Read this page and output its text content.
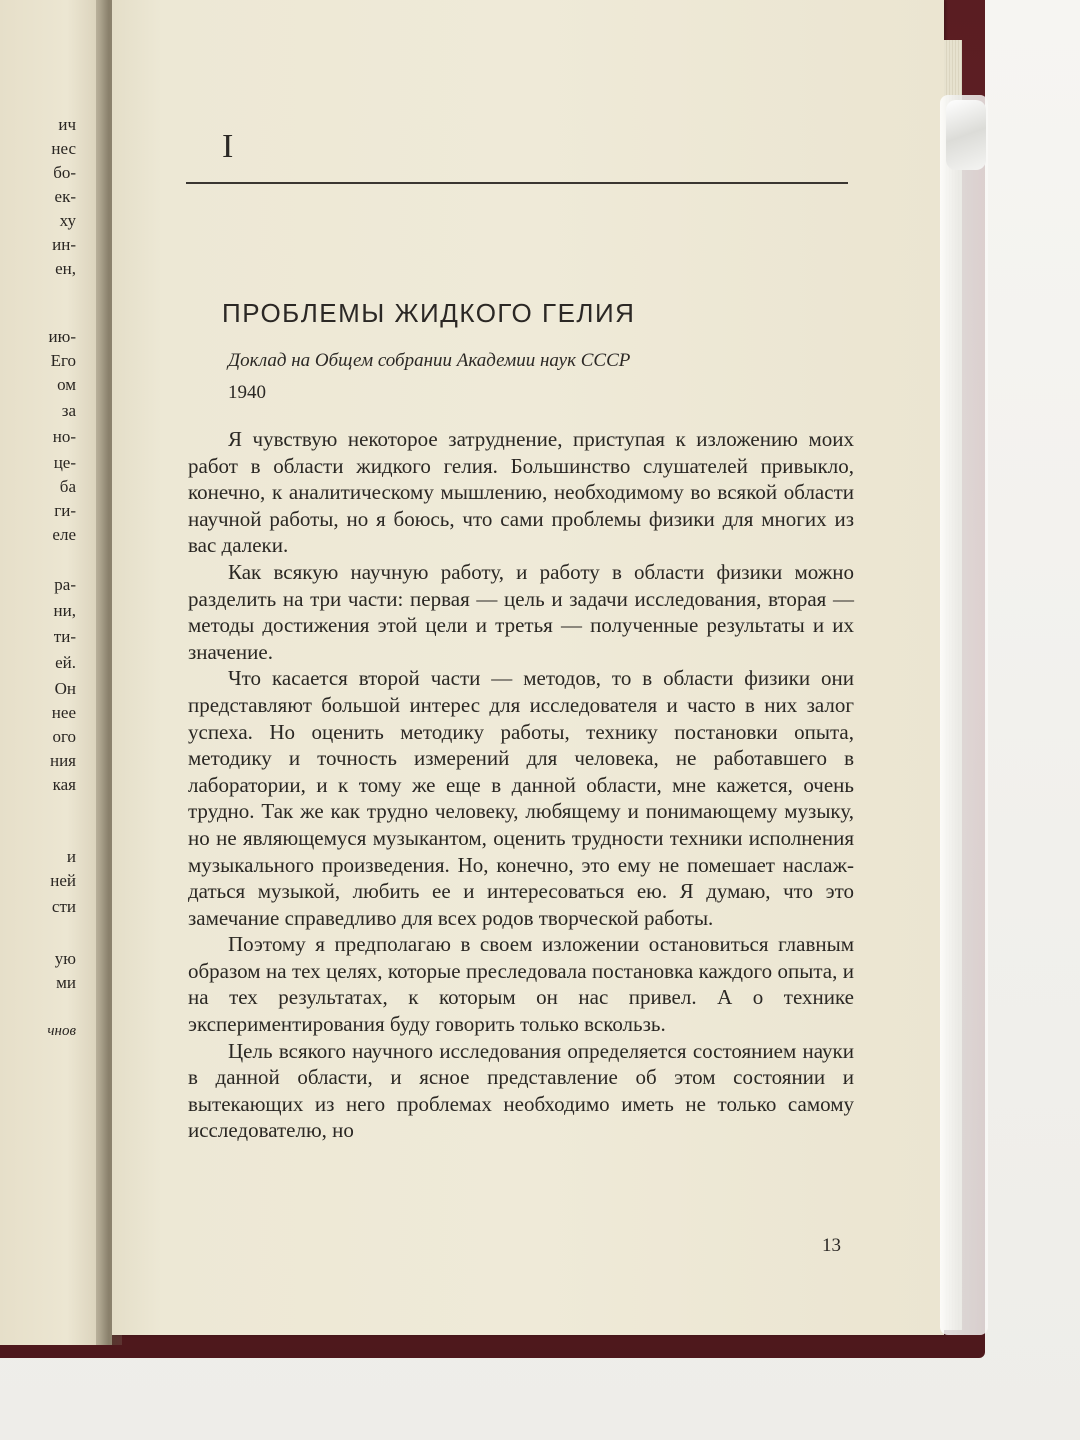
ич
нес
бо-
ек-
ху
ин-
ен,
ию-
Его
ом
за
но-
це-
ба
ги-
еле
ра-
ни,
ти-
ей.
Он
нее
ого
ния
кая
и
ней
сти
ую
ми
чнов
I
ПРОБЛЕМЫ ЖИДКОГО ГЕЛИЯ
Доклад на Общем собрании Академии наук СССР
1940

Я чувствую некоторое затруднение, приступая к изложению моих работ в области жидкого гелия. Большинство слушателей привыкло, конечно, к аналитическому мышлению, необходимому во всякой области научной работы, но я боюсь, что сами проблемы физики для многих из вас далеки.

Как всякую научную работу, и работу в области физики можно разделить на три части: первая — цель и задачи исследования, вторая — методы достижения этой цели и третья — полученные результаты и их значение.

Что касается второй части — методов, то в области физики они представляют большой интерес для исследователя и часто в них залог успеха. Но оценить методику работы, технику постановки опыта, методику и точность измерений для человека, не работавшего в лаборатории, и к тому же еще в данной области, мне кажется, очень трудно. Так же как трудно человеку, любящему и понимающему музыку, но не являющемуся музыкантом, оценить трудности техники исполнения музыкального произведения. Но, конечно, это ему не помешает наслаждаться музыкой, любить ее и интересоваться ею. Я думаю, что это замечание справедливо для всех родов творческой работы.

Поэтому я предполагаю в своем изложении остановиться главным образом на тех целях, которые преследовала постановка каждого опыта, и на тех результатах, к которым он нас привел. А о технике экспериментирования буду говорить только вскользь.

Цель всякого научного исследования определяется состоянием науки в данной области, и ясное представление об этом состоянии и вытекающих из него проблемах необходимо иметь не только самому исследователю, но

13
